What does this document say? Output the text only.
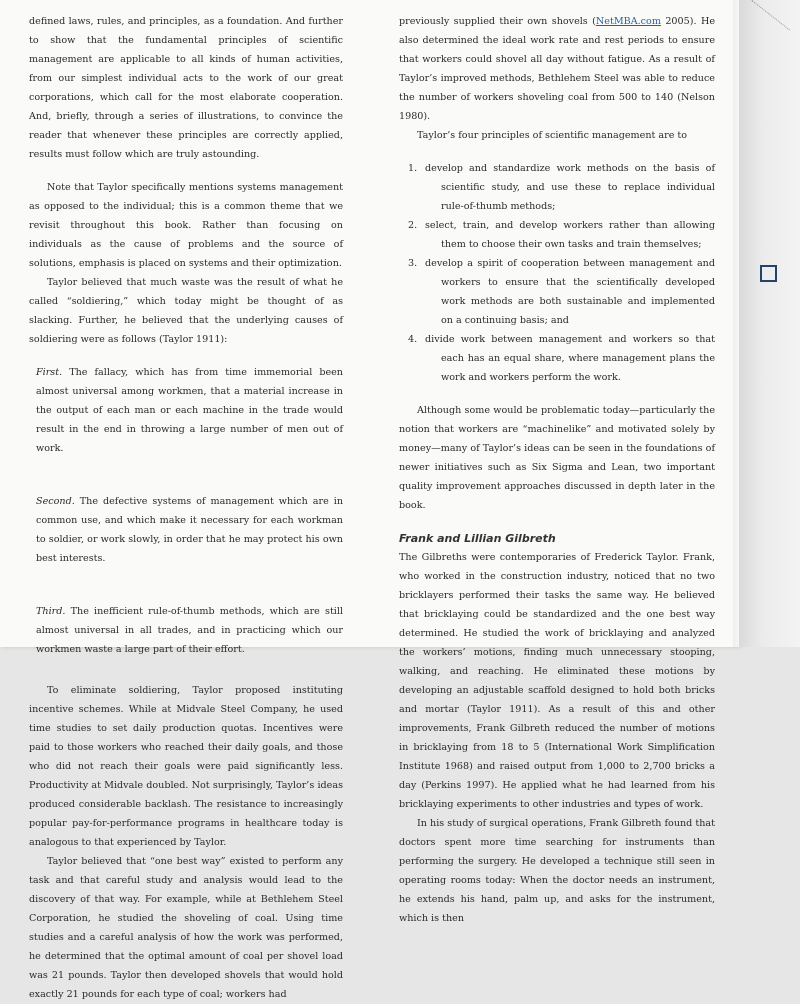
defined laws, rules, and principles, as a foundation. And further to show that the fundamental principles of scientific management are applicable to all kinds of human activities, from our simplest individual acts to the work of our great corporations, which call for the most elaborate cooperation. And, briefly, through a series of illustrations, to convince the reader that whenever these principles are correctly applied, results must follow which are truly astounding.

Note that Taylor specifically mentions systems management as opposed to the individual; this is a common theme that we revisit throughout this book. Rather than focusing on individuals as the cause of problems and the source of solutions, emphasis is placed on systems and their optimization.

Taylor believed that much waste was the result of what he called “soldiering,” which today might be thought of as slacking. Further, he believed that the underlying causes of soldiering were as follows (Taylor 1911):

First. The fallacy, which has from time immemorial been almost universal among workmen, that a material increase in the output of each man or each machine in the trade would result in the end in throwing a large number of men out of work.

Second. The defective systems of management which are in common use, and which make it necessary for each workman to soldier, or work slowly, in order that he may protect his own best interests.

Third. The inefficient rule-of-thumb methods, which are still almost universal in all trades, and in practicing which our workmen waste a large part of their effort.

To eliminate soldiering, Taylor proposed instituting incentive schemes. While at Midvale Steel Company, he used time studies to set daily production quotas. Incentives were paid to those workers who reached their daily goals, and those who did not reach their goals were paid significantly less. Productivity at Midvale doubled. Not surprisingly, Taylor’s ideas produced considerable backlash. The resistance to increasingly popular pay-for-performance programs in healthcare today is analogous to that experienced by Taylor.

Taylor believed that “one best way” existed to perform any task and that careful study and analysis would lead to the discovery of that way. For example, while at Bethlehem Steel Corporation, he studied the shoveling of coal. Using time studies and a careful analysis of how the work was performed, he determined that the optimal amount of coal per shovel load was 21 pounds. Taylor then developed shovels that would hold exactly 21 pounds for each type of coal; workers had

previously supplied their own shovels (NetMBA.com 2005). He also determined the ideal work rate and rest periods to ensure that workers could shovel all day without fatigue. As a result of Taylor’s improved methods, Bethlehem Steel was able to reduce the number of workers shoveling coal from 500 to 140 (Nelson 1980).

Taylor’s four principles of scientific management are to

1. develop and standardize work methods on the basis of scientific study, and use these to replace individual rule-of-thumb methods;
2. select, train, and develop workers rather than allowing them to choose their own tasks and train themselves;
3. develop a spirit of cooperation between management and workers to ensure that the scientifically developed work methods are both sustainable and implemented on a continuing basis; and
4. divide work between management and workers so that each has an equal share, where management plans the work and workers perform the work.

Although some would be problematic today—particularly the notion that workers are “machinelike” and motivated solely by money—many of Taylor’s ideas can be seen in the foundations of newer initiatives such as Six Sigma and Lean, two important quality improvement approaches discussed in depth later in the book.

Frank and Lillian Gilbreth

The Gilbreths were contemporaries of Frederick Taylor. Frank, who worked in the construction industry, noticed that no two bricklayers performed their tasks the same way. He believed that bricklaying could be standardized and the one best way determined. He studied the work of bricklaying and analyzed the workers’ motions, finding much unnecessary stooping, walking, and reaching. He eliminated these motions by developing an adjustable scaffold designed to hold both bricks and mortar (Taylor 1911). As a result of this and other improvements, Frank Gilbreth reduced the number of motions in bricklaying from 18 to 5 (International Work Simplification Institute 1968) and raised output from 1,000 to 2,700 bricks a day (Perkins 1997). He applied what he had learned from his bricklaying experiments to other industries and types of work.

In his study of surgical operations, Frank Gilbreth found that doctors spent more time searching for instruments than performing the surgery. He developed a technique still seen in operating rooms today: When the doctor needs an instrument, he extends his hand, palm up, and asks for the instrument, which is then
